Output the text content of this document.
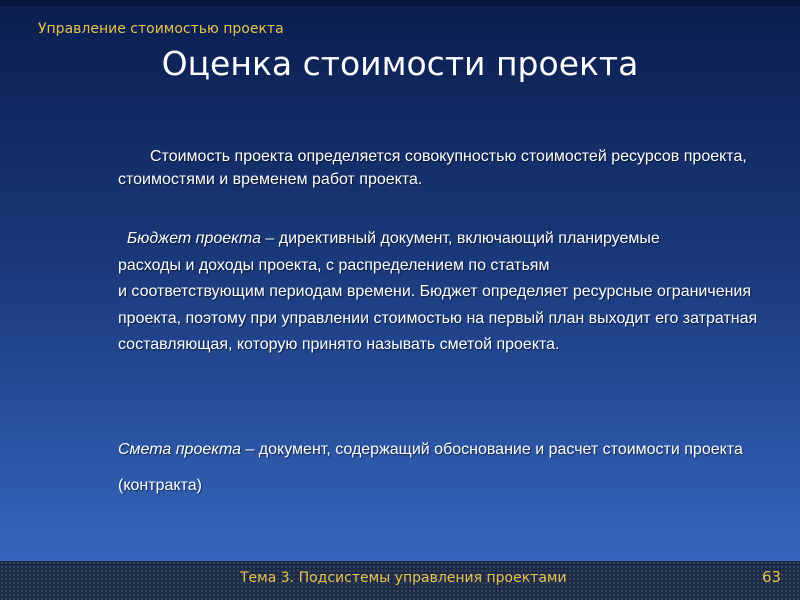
Управление стоимостью проекта
Оценка стоимости проекта
Стоимость проекта определяется совокупностью стоимостей ресурсов проекта, стоимостями и временем работ проекта.
Бюджет проекта – директивный документ, включающий планируемые
расходы и доходы проекта, с распределением по статьям
и соответствующим периодам времени. Бюджет определяет ресурсные ограничения проекта, поэтому при управлении стоимостью на первый план выходит его затратная составляющая, которую принято называть сметой проекта.
Смета проекта – документ, содержащий обоснование и расчет стоимости проекта (контракта)
Тема 3. Подсистемы управления проектами	63
